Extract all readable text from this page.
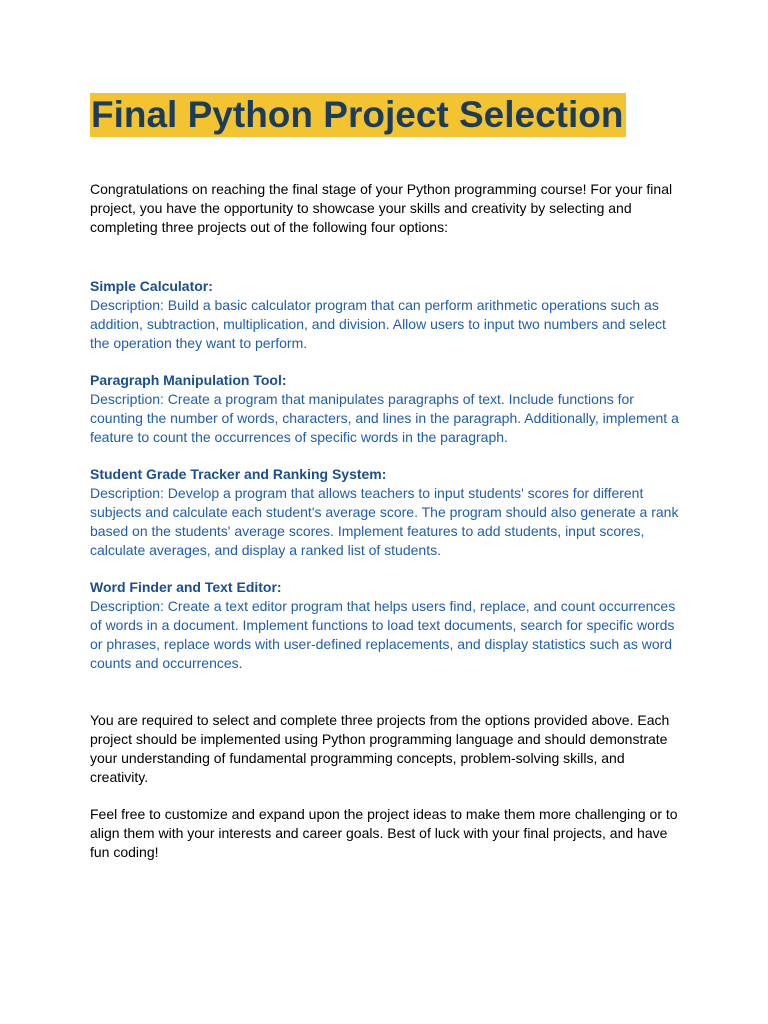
Final Python Project Selection

Congratulations on reaching the final stage of your Python programming course! For your final project, you have the opportunity to showcase your skills and creativity by selecting and completing three projects out of the following four options:

Simple Calculator:

Description: Build a basic calculator program that can perform arithmetic operations such as addition, subtraction, multiplication, and division. Allow users to input two numbers and select the operation they want to perform.

Paragraph Manipulation Tool:

Description: Create a program that manipulates paragraphs of text. Include functions for counting the number of words, characters, and lines in the paragraph. Additionally, implement a feature to count the occurrences of specific words in the paragraph.

Student Grade Tracker and Ranking System:

Description: Develop a program that allows teachers to input students' scores for different subjects and calculate each student's average score. The program should also generate a rank based on the students' average scores. Implement features to add students, input scores, calculate averages, and display a ranked list of students.

Word Finder and Text Editor:

Description: Create a text editor program that helps users find, replace, and count occurrences of words in a document. Implement functions to load text documents, search for specific words or phrases, replace words with user-defined replacements, and display statistics such as word counts and occurrences.

You are required to select and complete three projects from the options provided above. Each project should be implemented using Python programming language and should demonstrate your understanding of fundamental programming concepts, problem-solving skills, and creativity.

Feel free to customize and expand upon the project ideas to make them more challenging or to align them with your interests and career goals. Best of luck with your final projects, and have fun coding!
